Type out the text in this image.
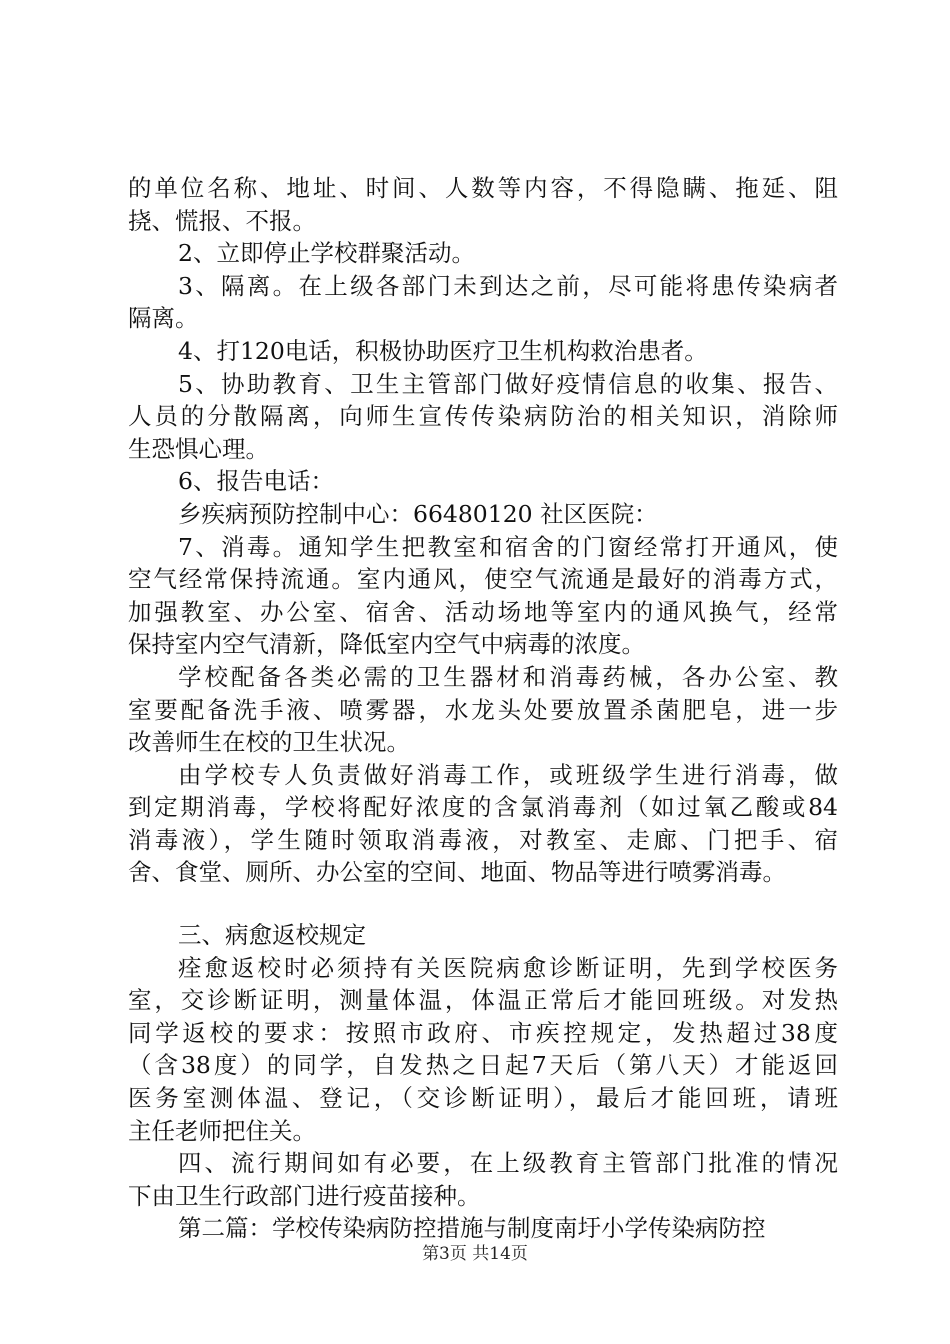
的单位名称、地址、时间、人数等内容，不得隐瞒、拖延、阻
挠、慌报、不报。
2、立即停止学校群聚活动。
3、隔离。在上级各部门未到达之前，尽可能将患传染病者
隔离。
4、打120电话，积极协助医疗卫生机构救治患者。
5、协助教育、卫生主管部门做好疫情信息的收集、报告、
人员的分散隔离，向师生宣传传染病防治的相关知识，消除师
生恐惧心理。
6、报告电话：
乡疾病预防控制中心：66480120 社区医院：
7、消毒。通知学生把教室和宿舍的门窗经常打开通风，使
空气经常保持流通。室内通风，使空气流通是最好的消毒方式，
加强教室、办公室、宿舍、活动场地等室内的通风换气，经常
保持室内空气清新，降低室内空气中病毒的浓度。
学校配备各类必需的卫生器材和消毒药械，各办公室、教
室要配备洗手液、喷雾器，水龙头处要放置杀菌肥皂，进一步
改善师生在校的卫生状况。
由学校专人负责做好消毒工作，或班级学生进行消毒，做
到定期消毒，学校将配好浓度的含氯消毒剂（如过氧乙酸或84
消毒液），学生随时领取消毒液，对教室、走廊、门把手、宿
舍、食堂、厕所、办公室的空间、地面、物品等进行喷雾消毒。
三、病愈返校规定
痊愈返校时必须持有关医院病愈诊断证明，先到学校医务
室，交诊断证明，测量体温，体温正常后才能回班级。对发热
同学返校的要求：按照市政府、市疾控规定，发热超过38度
（含38度）的同学，自发热之日起7天后（第八天）才能返回
医务室测体温、登记，（交诊断证明），最后才能回班，请班
主任老师把住关。
四、流行期间如有必要，在上级教育主管部门批准的情况
下由卫生行政部门进行疫苗接种。
第二篇：学校传染病防控措施与制度南圩小学传染病防控
第3页 共14页
